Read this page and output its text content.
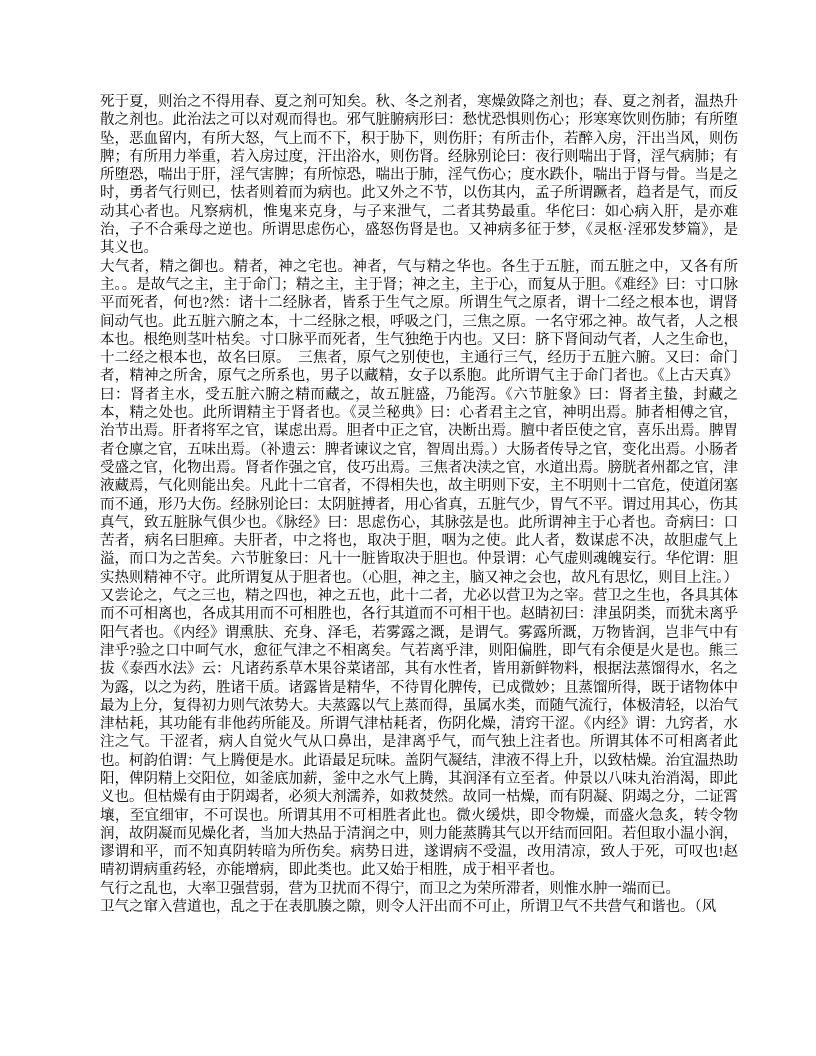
死于夏，则治之不得用春、夏之剂可知矣。秋、冬之剂者，寒燥敛降之剂也；春、夏之剂者，温热升散之剂也。此治法之可以对观而得也。邪气脏腑病形曰：愁忧恐惧则伤心；形寒寒饮则伤肺；有所堕坠，恶血留内，有所大怒，气上而不下，积于胁下，则伤肝；有所击仆，若醉入房，汗出当风，则伤脾；有所用力举重，若入房过度，汗出浴水，则伤肾。经脉别论曰：夜行则喘出于肾，淫气病肺；有所堕恐，喘出于肝，淫气害脾；有所惊恐，喘出于肺，淫气伤心；度水跌仆，喘出于肾与骨。当是之时，勇者气行则已，怯者则着而为病也。此又外之不节，以伤其内，孟子所谓蹶者，趋者是气，而反动其心者也。凡察病机，惟鬼来克身，与子来泄气，二者其势最重。华佗曰：如心病入肝，是亦难治，子不合乘母之逆也。所谓思虑伤心，盛怒伤肾是也。又神病多征于梦，《灵枢·淫邪发梦篇》，是其义也。

大气者，精之御也。精者，神之宅也。神者，气与精之华也。各生于五脏，而五脏之中，又各有所主。。是故气之主，主于命门；精之主，主于肾；神之主，主于心，而复从于胆。《难经》曰：寸口脉平而死者，何也?然：诸十二经脉者，皆系于生气之原。所谓生气之原者，谓十二经之根本也，谓肾间动气也。此五脏六腑之本，十二经脉之根，呼吸之门，三焦之原。一名守邪之神。故气者，人之根本也。根绝则茎叶枯矣。寸口脉平而死者，生气独绝于内也。又曰：脐下肾间动气者，人之生命也，十二经之根本也，故名曰原。　三焦者，原气之别使也，主通行三气，经历于五脏六腑。又曰：命门者，精神之所舍，原气之所系也，男子以藏精，女子以系胞。此所谓气主于命门者也。《上古天真》曰：肾者主水，受五脏六腑之精而藏之，故五脏盛，乃能泻。《六节脏象》曰：肾者主蛰，封藏之本，精之处也。此所谓精主于肾者也。《灵兰秘典》曰：心者君主之官，神明出焉。肺者相傅之官，治节出焉。肝者将军之官，谋虑出焉。胆者中正之官，决断出焉。膻中者臣使之官，喜乐出焉。脾胃者仓廪之官，五味出焉。（补遗云：脾者谏议之官，智周出焉。）大肠者传导之官，变化出焉。小肠者受盛之官，化物出焉。肾者作强之官，伎巧出焉。三焦者决渎之官，水道出焉。膀胱者州都之官，津液藏焉，气化则能出矣。凡此十二官者，不得相失也，故主明则下安，主不明则十二官危，使道闭塞而不通，形乃大伤。经脉别论曰：太阴脏搏者，用心省真，五脏气少，胃气不平。谓过用其心，伤其真气，致五脏脉气俱少也。《脉经》曰：思虑伤心，其脉弦是也。此所谓神主于心者也。奇病曰：口苦者，病名曰胆瘅。夫肝者，中之将也，取决于胆，咽为之使。此人者，数谋虑不决，故胆虚气上溢，而口为之苦矣。六节脏象曰：凡十一脏皆取决于胆也。仲景谓：心气虚则魂魄妄行。华佗谓：胆实热则精神不守。此所谓复从于胆者也。（心胆，神之主，脑又神之会也，故凡有思忆，则目上注。）又尝论之，气之三也，精之四也，神之五也，此十二者，尤必以营卫为之宰。营卫之生也，各具其体而不可相离也，各成其用而不可相胜也，各行其道而不可相干也。赵睛初曰：津虽阴类，而犹未离乎阳气者也。《内经》谓熏肤、充身、泽毛，若雾露之溉，是谓气。雾露所溉，万物皆润，岂非气中有津乎?验之口中呵气水，愈征气津之不相离矣。气若离乎津，则阳偏胜，即气有余便是火是也。熊三拔《泰西水法》云：凡诸药系草木果谷菜诸部，其有水性者，皆用新鲜物料，根据法蒸馏得水，名之为露，以之为药，胜诸干质。诸露皆是精华，不待胃化脾传，已成微妙；且蒸馏所得，既于诸物体中最为上分，复得初力则气浓势大。夫蒸露以气上蒸而得，虽属水类，而随气流行，体极清轻，以治气津枯耗，其功能有非他药所能及。所谓气津枯耗者，伤阴化燥，清窍干涩。《内经》谓：九窍者，水注之气。干涩者，病人自觉火气从口鼻出，是津离乎气，而气独上注者也。所谓其体不可相离者此也。柯韵伯谓：气上腾便是水。此语最足玩味。盖阴气凝结，津液不得上升，以致枯燥。治宜温热助阳，俾阴精上交阳位，如釜底加薪，釜中之水气上腾，其润泽有立至者。仲景以八味丸治消渴，即此义也。但枯燥有由于阴竭者，必须大剂濡养，如救焚然。故同一枯燥，而有阴凝、阴竭之分，二证霄壤，至宜细审，不可误也。所谓其用不可相胜者此也。微火缓烘，即令物燥，而盛火急炙，转令物润，故阴凝而见燥化者，当加大热品于清润之中，则力能蒸腾其气以开结而回阳。若但取小温小润，谬谓和平，而不知真阴转暗为所伤矣。病势日进，遂谓病不受温，改用清凉，致人于死，可叹也!赵晴初谓病重药轻，亦能增病，即此类也。此又始于相胜，成于相平者也。

气行之乱也，大率卫强营弱，营为卫扰而不得宁，而卫之为荣所滞者，则惟水肿一端而已。

卫气之窜入营道也，乱之于在表肌腠之隙，则令人汗出而不可止，所谓卫气不共营气和谐也。（风
